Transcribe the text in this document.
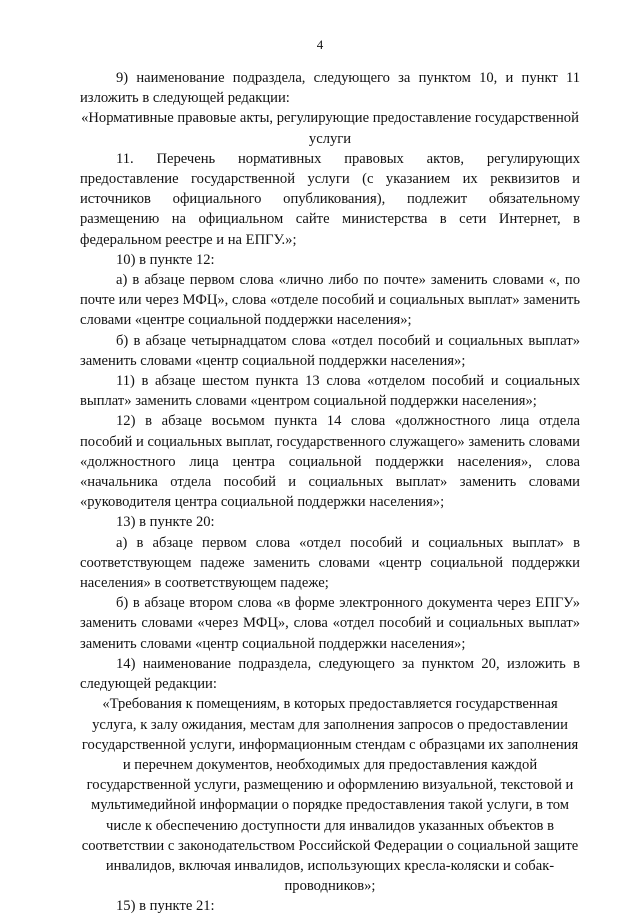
4

9) наименование подраздела, следующего за пунктом 10, и пункт 11 изложить в следующей редакции:

«Нормативные правовые акты, регулирующие предоставление государственной услуги

11. Перечень нормативных правовых актов, регулирующих предоставление государственной услуги (с указанием их реквизитов и источников официального опубликования), подлежит обязательному размещению на официальном сайте министерства в сети Интернет, в федеральном реестре и на ЕПГУ.»;

10) в пункте 12:

а) в абзаце первом слова «лично либо по почте» заменить словами «, по почте или через МФЦ», слова «отделе пособий и социальных выплат» заменить словами «центре социальной поддержки населения»;

б) в абзаце четырнадцатом слова «отдел пособий и социальных выплат» заменить словами «центр социальной поддержки населения»;

11) в абзаце шестом пункта 13 слова «отделом пособий и социальных выплат» заменить словами «центром социальной поддержки населения»;

12) в абзаце восьмом пункта 14 слова «должностного лица отдела пособий и социальных выплат, государственного служащего» заменить словами «должностного лица центра социальной поддержки населения», слова «начальника отдела пособий и социальных выплат» заменить словами «руководителя центра социальной поддержки населения»;

13) в пункте 20:

а) в абзаце первом слова «отдел пособий и социальных выплат» в соответствующем падеже заменить словами «центр социальной поддержки населения» в соответствующем падеже;

б) в абзаце втором слова «в форме электронного документа через ЕПГУ» заменить словами «через МФЦ», слова «отдел пособий и социальных выплат» заменить словами «центр социальной поддержки населения»;

14) наименование подраздела, следующего за пунктом 20, изложить в следующей редакции:

«Требования к помещениям, в которых предоставляется государственная услуга, к залу ожидания, местам для заполнения запросов о предоставлении государственной услуги, информационным стендам с образцами их заполнения и перечнем документов, необходимых для предоставления каждой государственной услуги, размещению и оформлению визуальной, текстовой и мультимедийной информации о порядке предоставления такой услуги, в том числе к обеспечению доступности для инвалидов указанных объектов в соответствии с законодательством Российской Федерации о социальной защите инвалидов, включая инвалидов, использующих кресла-коляски и собак-проводников»;

15) в пункте 21:
